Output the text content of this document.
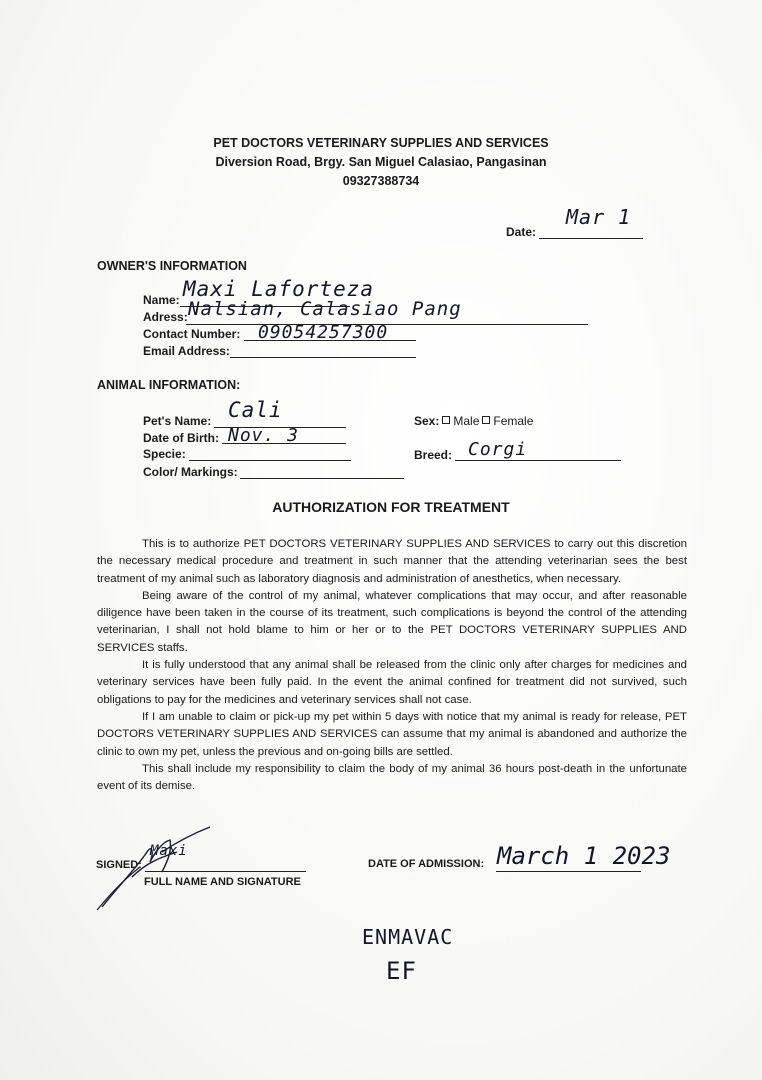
PET DOCTORS VETERINARY SUPPLIES AND SERVICES
Diversion Road, Brgy. San Miguel Calasiao, Pangasinan
09327388734
Date:
Mar 1
OWNER'S INFORMATION
Name: Maxi Laforteza
Adress: Nalsian, Calasiao Pang
Contact Number: 09054257300
Email Address:
ANIMAL INFORMATION:
Pet's Name: Cali
Date of Birth: Nov. 3
Specie:
Color/ Markings:
Sex: Male Female
Breed: Corgi
AUTHORIZATION FOR TREATMENT

This is to authorize PET DOCTORS VETERINARY SUPPLIES AND SERVICES to carry out this discretion the necessary medical procedure and treatment in such manner that the attending veterinarian sees the best treatment of my animal such as laboratory diagnosis and administration of anesthetics, when necessary.

Being aware of the control of my animal, whatever complications that may occur, and after reasonable diligence have been taken in the course of its treatment, such complications is beyond the control of the attending veterinarian, I shall not hold blame to him or her or to the PET DOCTORS VETERINARY SUPPLIES AND SERVICES staffs.

It is fully understood that any animal shall be released from the clinic only after charges for medicines and veterinary services have been fully paid. In the event the animal confined for treatment did not survived, such obligations to pay for the medicines and veterinary services shall not case.

If I am unable to claim or pick-up my pet within 5 days with notice that my animal is ready for release, PET DOCTORS VETERINARY SUPPLIES AND SERVICES can assume that my animal is abandoned and authorize the clinic to own my pet, unless the previous and on-going bills are settled.

This shall include my responsibility to claim the body of my animal 36 hours post-death in the unfortunate event of its demise.

SIGNED:
FULL NAME AND SIGNATURE
Maxi
DATE OF ADMISSION: March 1 2023
ENMAVAC
EF
